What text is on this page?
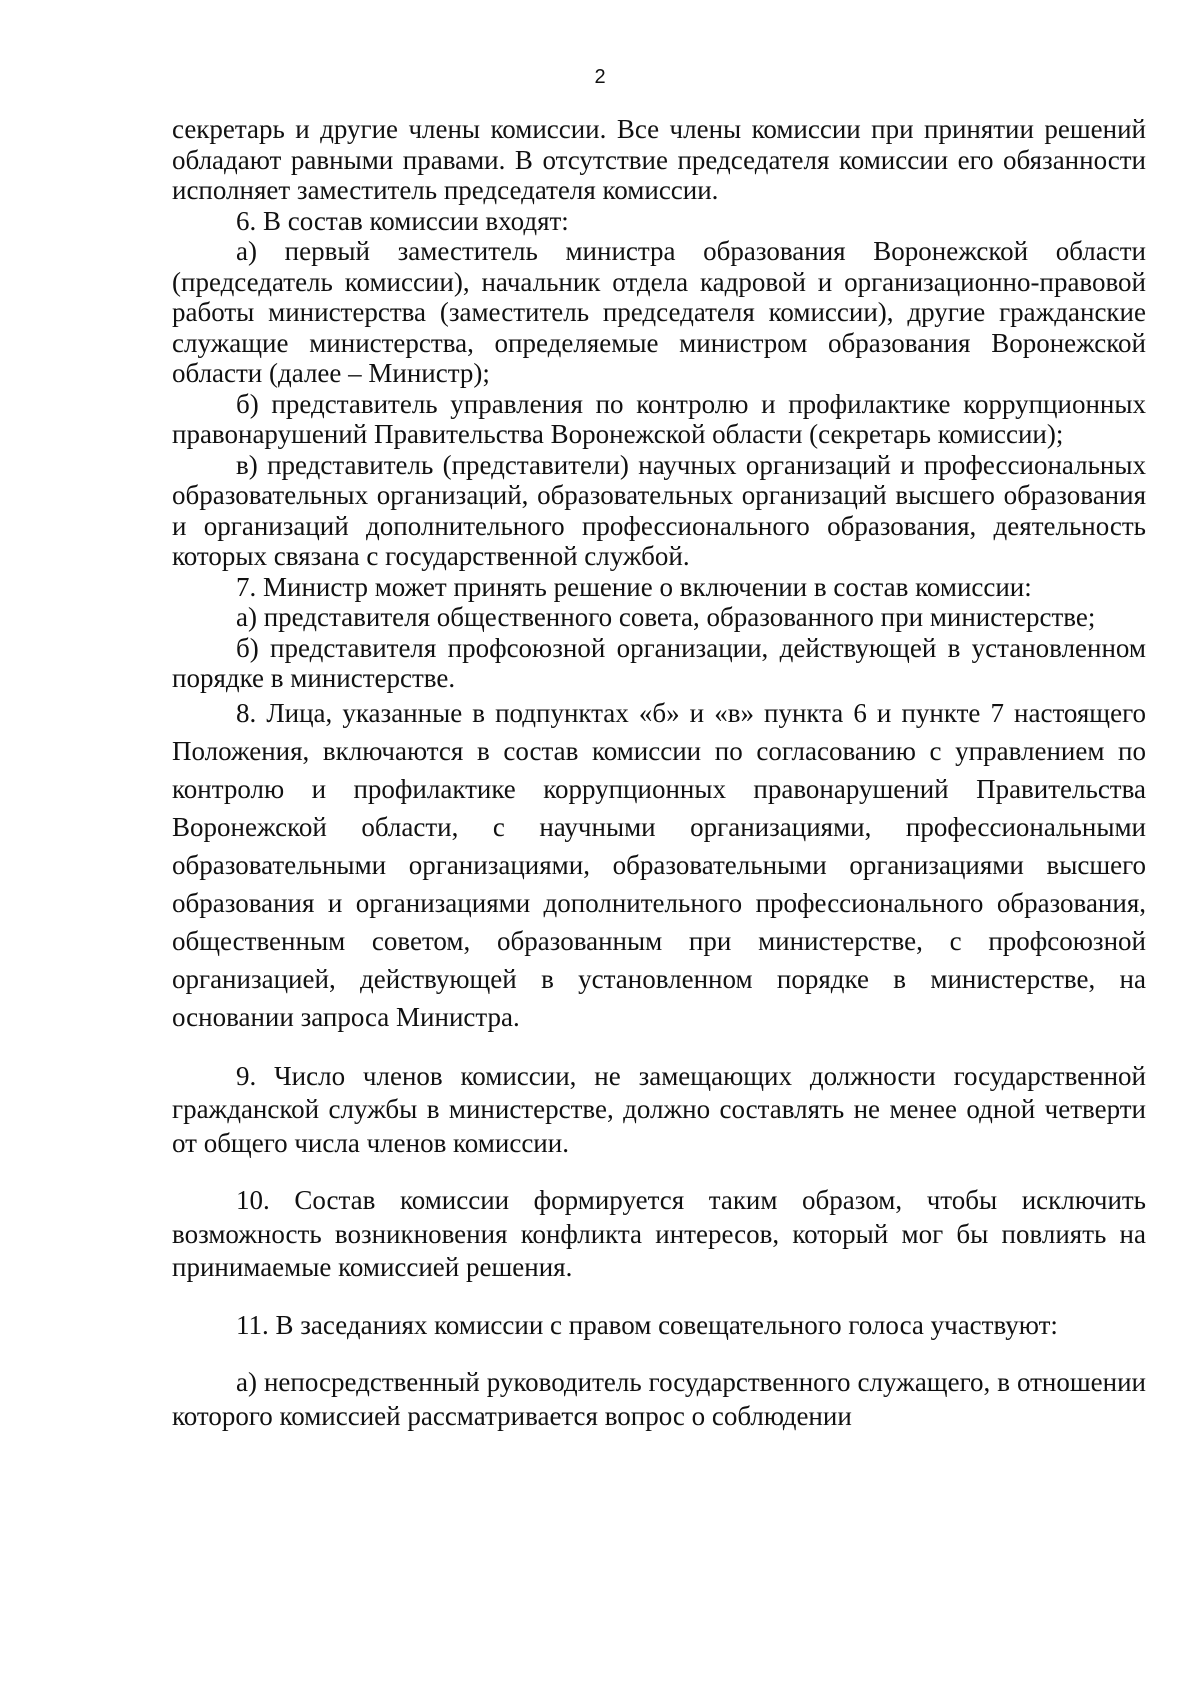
2

секретарь и другие члены комиссии. Все члены комиссии при принятии решений обладают равными правами. В отсутствие председателя комиссии его обязанности исполняет заместитель председателя комиссии.

6. В состав комиссии входят:

а) первый заместитель министра образования Воронежской области (председатель комиссии), начальник отдела кадровой и организационно-правовой работы министерства (заместитель председателя комиссии), другие гражданские служащие министерства, определяемые министром образования Воронежской области (далее – Министр);

б) представитель управления по контролю и профилактике коррупционных правонарушений Правительства Воронежской области (секретарь комиссии);

в) представитель (представители) научных организаций и профессиональных образовательных организаций, образовательных организаций высшего образования и организаций дополнительного профессионального образования, деятельность которых связана с государственной службой.

7. Министр может принять решение о включении в состав комиссии:

а) представителя общественного совета, образованного при министерстве;

б) представителя профсоюзной организации, действующей в установленном порядке в министерстве.

8. Лица, указанные в подпунктах «б» и «в» пункта 6 и пункте 7 настоящего Положения, включаются в состав комиссии по согласованию с управлением по контролю и профилактике коррупционных правонарушений Правительства Воронежской области, с научными организациями, профессиональными образовательными организациями, образовательными организациями высшего образования и организациями дополнительного профессионального образования, общественным советом, образованным при министерстве, с профсоюзной организацией, действующей в установленном порядке в министерстве, на основании запроса Министра.

9. Число членов комиссии, не замещающих должности государственной гражданской службы в министерстве, должно составлять не менее одной четверти от общего числа членов комиссии.

10. Состав комиссии формируется таким образом, чтобы исключить возможность возникновения конфликта интересов, который мог бы повлиять на принимаемые комиссией решения.

11. В заседаниях комиссии с правом совещательного голоса участвуют:

а) непосредственный руководитель государственного служащего, в отношении которого комиссией рассматривается вопрос о соблюдении
